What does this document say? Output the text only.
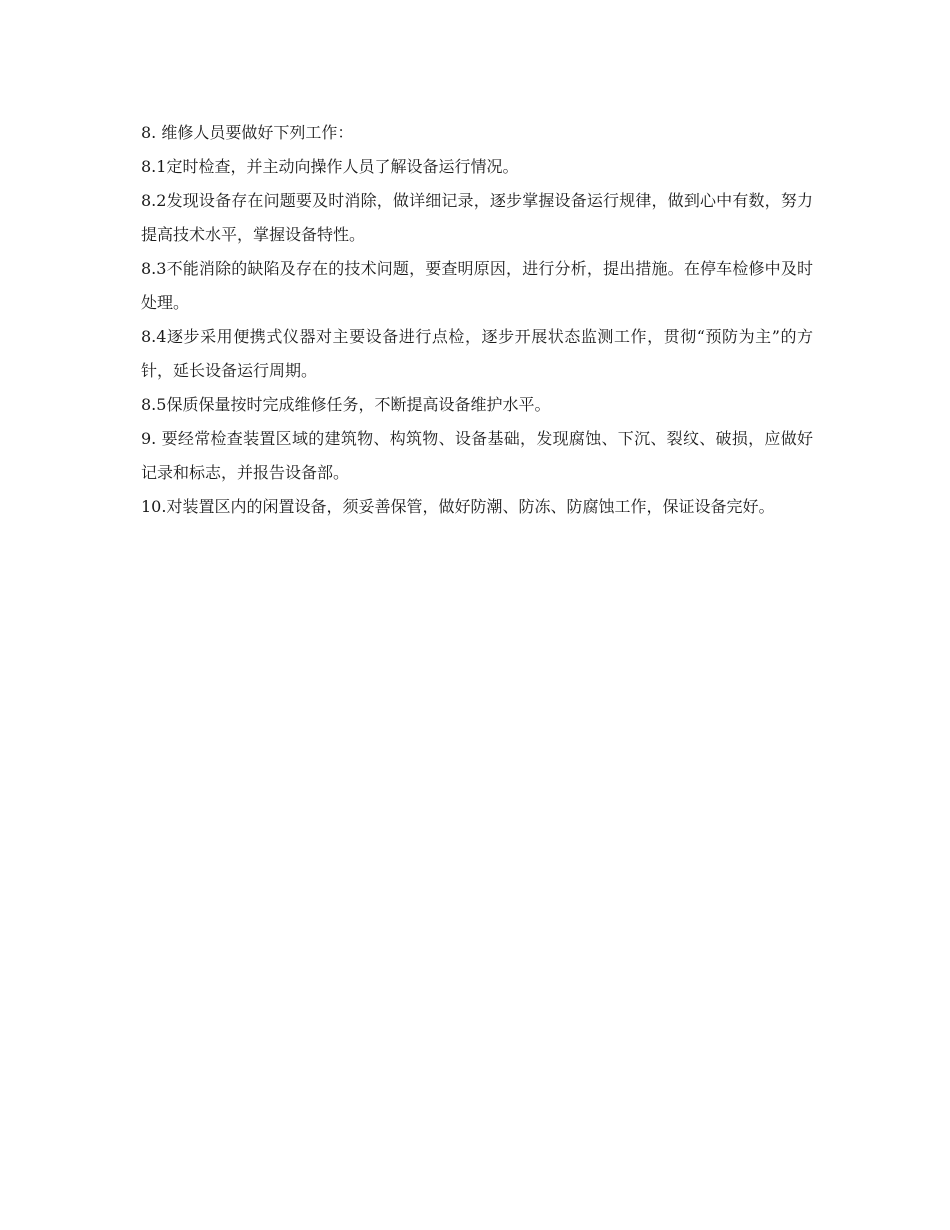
8. 维修人员要做好下列工作：

8.1定时检查，并主动向操作人员了解设备运行情况。

8.2发现设备存在问题要及时消除，做详细记录，逐步掌握设备运行规律，做到心中有数，努力提高技术水平，掌握设备特性。

8.3不能消除的缺陷及存在的技术问题，要查明原因，进行分析，提出措施。在停车检修中及时处理。

8.4逐步采用便携式仪器对主要设备进行点检，逐步开展状态监测工作，贯彻“预防为主”的方针，延长设备运行周期。

8.5保质保量按时完成维修任务，不断提高设备维护水平。

9. 要经常检查装置区域的建筑物、构筑物、设备基础，发现腐蚀、下沉、裂纹、破损，应做好记录和标志，并报告设备部。

10.对装置区内的闲置设备，须妥善保管，做好防潮、防冻、防腐蚀工作，保证设备完好。
